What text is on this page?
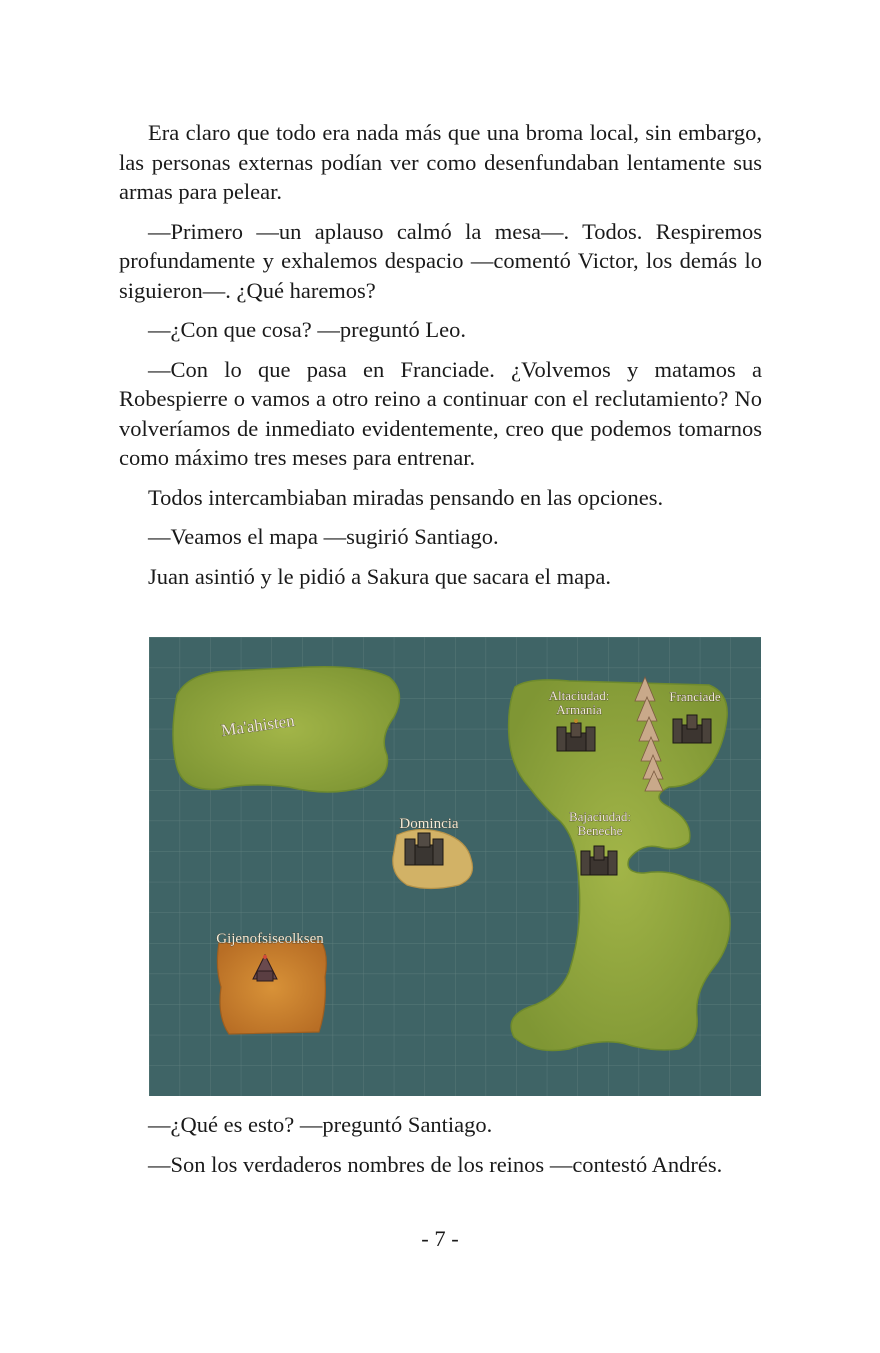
Era claro que todo era nada más que una broma local, sin embargo, las personas externas podían ver como desenfundaban lentamente sus armas para pelear.

—Primero —un aplauso calmó la mesa—. Todos. Respiremos profundamente y exhalemos despacio —comentó Victor, los demás lo siguieron—. ¿Qué haremos?

—¿Con que cosa? —preguntó Leo.

—Con lo que pasa en Franciade. ¿Volvemos y matamos a Robespierre o vamos a otro reino a continuar con el reclutamiento? No volveríamos de inmediato evidentemente, creo que podemos tomarnos como máximo tres meses para entrenar.

Todos intercambiaban miradas pensando en las opciones.

—Veamos el mapa —sugirió Santiago.

Juan asintió y le pidió a Sakura que sacara el mapa.

Ma'ahisten
Altaciudad:
Armania
Franciade
Domincia	Bajaciudad:
Beneche
Gijenofsiseolksen

—¿Qué es esto? —preguntó Santiago.

—Son los verdaderos nombres de los reinos —contestó Andrés.

- 7 -
